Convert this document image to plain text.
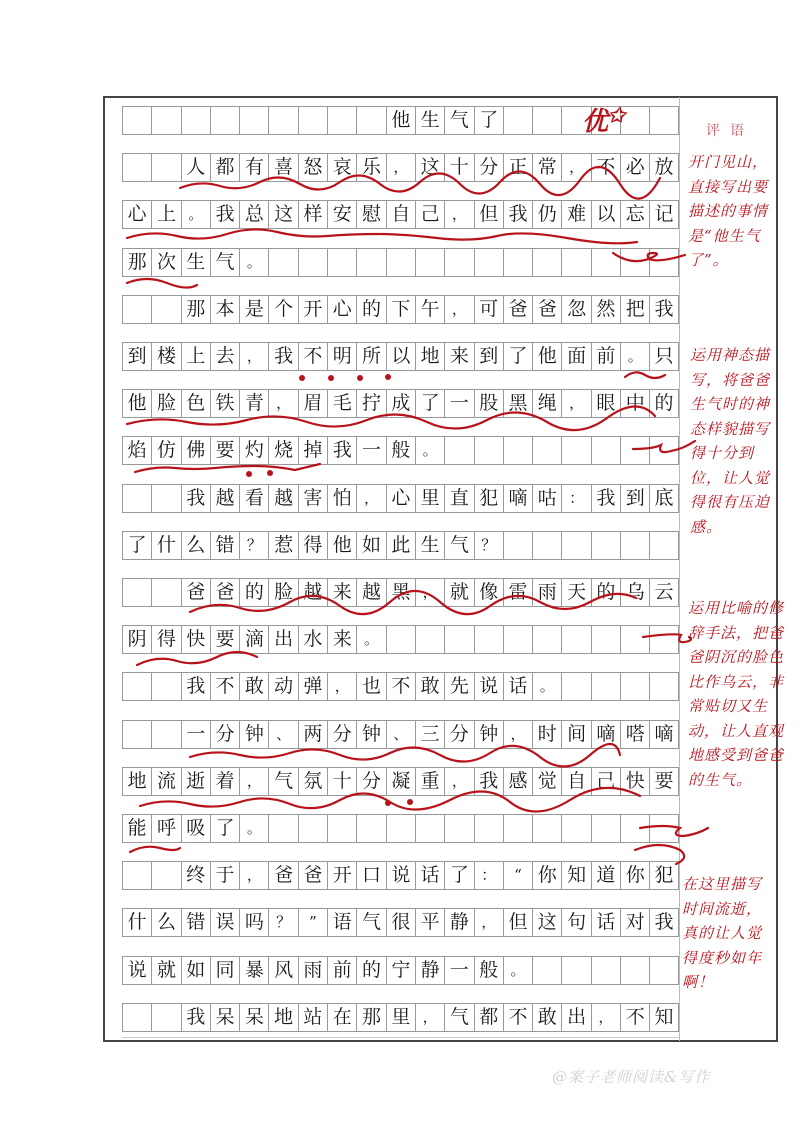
他 生 气 了
人 都 有 喜 怒 哀 乐 ， 这 十 分 正 常 ， 不 必 放
心 上 。 我 总 这 样 安 慰 自 己 ， 但 我 仍 难 以 忘 记
那 次 生 气 。
那 本 是 个 开 心 的 下 午 ， 可 爸 爸 忽 然 把 我
到 楼 上 去 ， 我 不 明 所 以 地 来 到 了 他 面 前 。 只
他 脸 色 铁 青 ， 眉 毛 拧 成 了 一 股 黑 绳 ， 眼 中 的
焰 仿 佛 要 灼 烧 掉 我 一 般 。
我 越 看 越 害 怕 ， 心 里 直 犯 嘀 咕 ： 我 到 底
了 什 么 错 ？ 惹 得 他 如 此 生 气 ？
爸 爸 的 脸 越 来 越 黑 ， 就 像 雷 雨 天 的 乌 云
阴 得 快 要 滴 出 水 来 。
我 不 敢 动 弹 ， 也 不 敢 先 说 话 。
一 分 钟 、 两 分 钟 、 三 分 钟 ， 时 间 嘀 嗒 嘀
地 流 逝 着 ， 气 氛 十 分 凝 重 ， 我 感 觉 自 己 快 要
能 呼 吸 了 。
终 于 ， 爸 爸 开 口 说 话 了 ：	“ 你 知 道 你 犯
什 么 错 误 吗 ？	” 语 气 很 平 静 ， 但 这 句 话 对 我
说 就 如 同 暴 风 雨 前 的 宁 静 一 般 。
我 呆 呆 地 站 在 那 里 ， 气 都 不 敢 出 ， 不 知
优✩
评语
开门见山，直接写出要描述的事情是“他生气了”。
运用神态描写，将爸爸生气时的神态样貌描写得十分到位，让人觉得很有压迫感。
运用比喻的修辞手法，把爸爸阴沉的脸色比作乌云，非常贴切又生动，让人直观地感受到爸爸的生气。
在这里描写时间流逝，真的让人觉得度秒如年啊！
@案子老师阅读&写作
